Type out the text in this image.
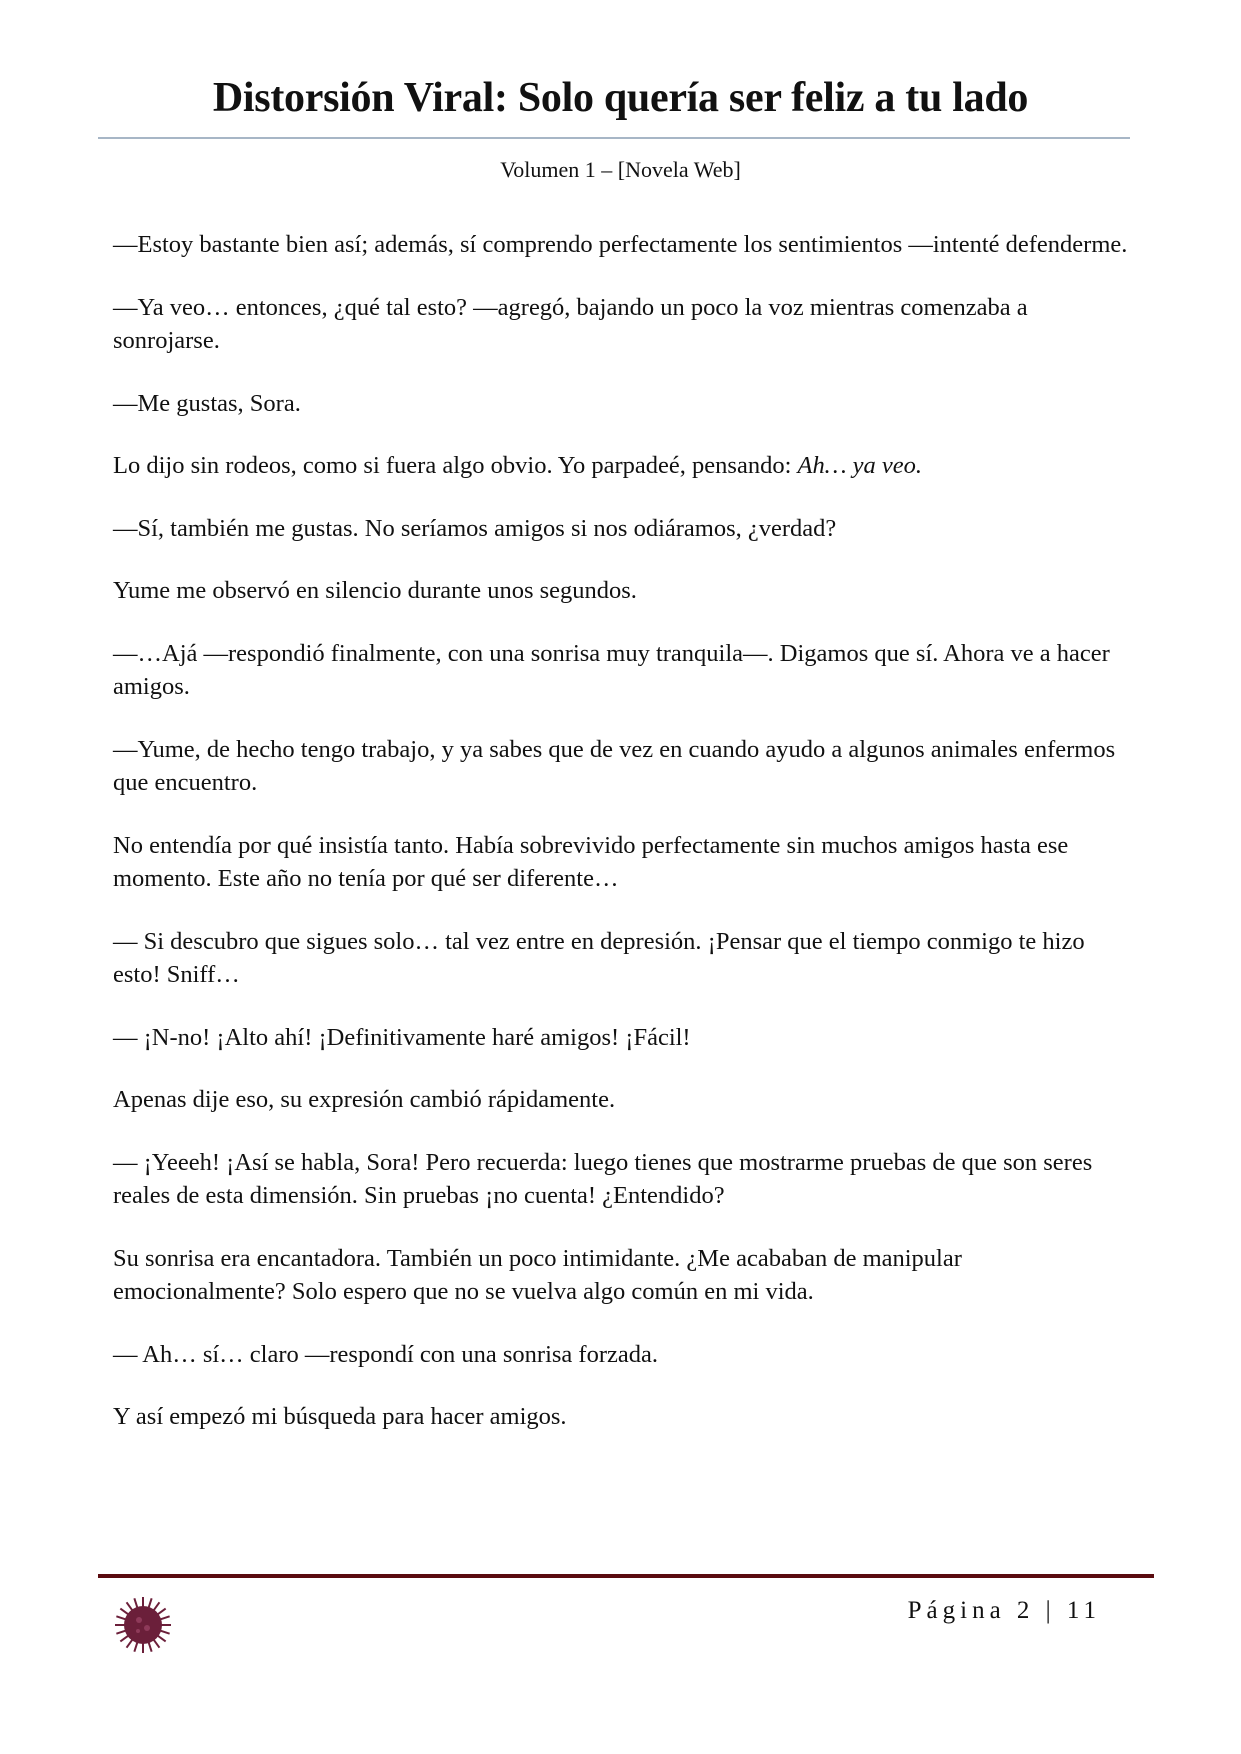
Distorsión Viral: Solo quería ser feliz a tu lado
Volumen 1 – [Novela Web]

—Estoy bastante bien así; además, sí comprendo perfectamente los sentimientos —intenté defenderme.

—Ya veo… entonces, ¿qué tal esto? —agregó, bajando un poco la voz mientras comenzaba a sonrojarse.

—Me gustas, Sora.

Lo dijo sin rodeos, como si fuera algo obvio. Yo parpadeé, pensando: Ah… ya veo.

—Sí, también me gustas. No seríamos amigos si nos odiáramos, ¿verdad?

Yume me observó en silencio durante unos segundos.

—…Ajá —respondió finalmente, con una sonrisa muy tranquila—. Digamos que sí. Ahora ve a hacer amigos.

—Yume, de hecho tengo trabajo, y ya sabes que de vez en cuando ayudo a algunos animales enfermos que encuentro.

No entendía por qué insistía tanto. Había sobrevivido perfectamente sin muchos amigos hasta ese momento. Este año no tenía por qué ser diferente…

— Si descubro que sigues solo… tal vez entre en depresión. ¡Pensar que el tiempo conmigo te hizo esto! Sniff…

— ¡N-no! ¡Alto ahí! ¡Definitivamente haré amigos! ¡Fácil!

Apenas dije eso, su expresión cambió rápidamente.

— ¡Yeeeh! ¡Así se habla, Sora! Pero recuerda: luego tienes que mostrarme pruebas de que son seres reales de esta dimensión. Sin pruebas ¡no cuenta! ¿Entendido?

Su sonrisa era encantadora. También un poco intimidante. ¿Me acababan de manipular emocionalmente? Solo espero que no se vuelva algo común en mi vida.

— Ah… sí… claro —respondí con una sonrisa forzada.

Y así empezó mi búsqueda para hacer amigos.

Página 2 | 11
